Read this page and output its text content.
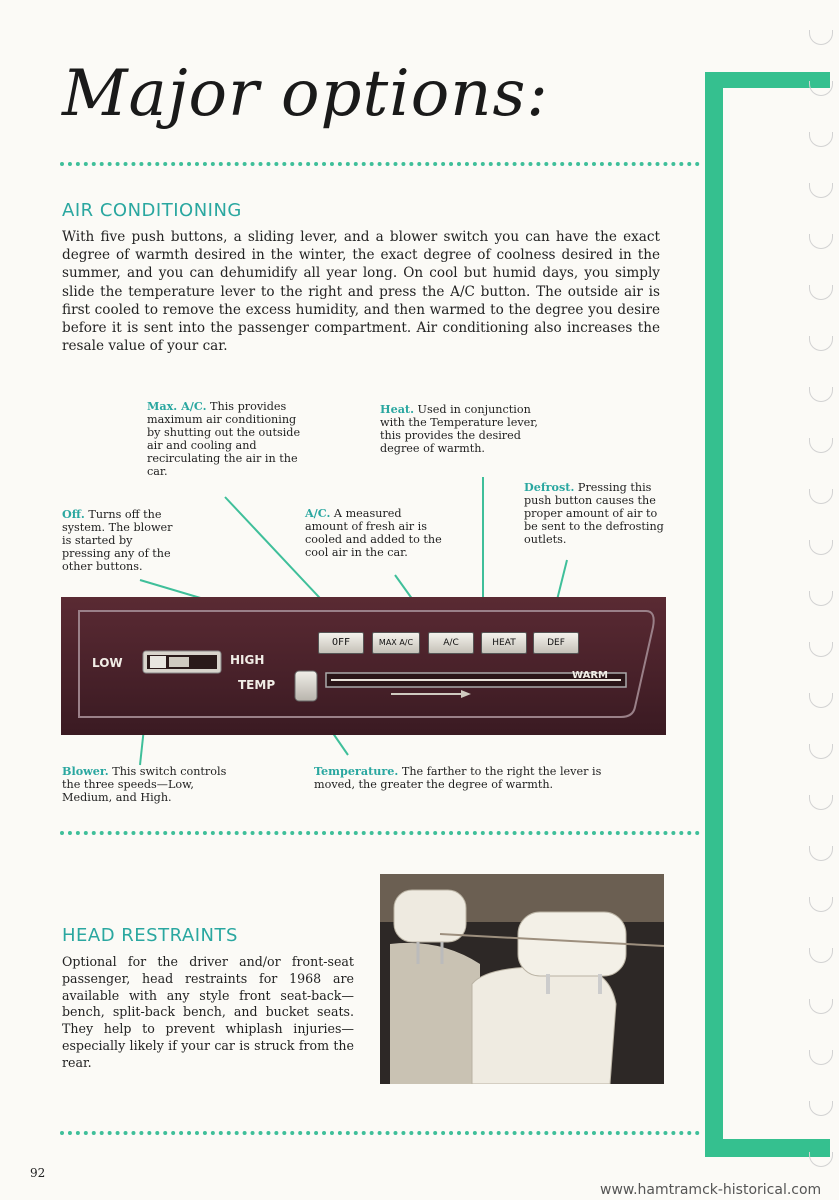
Major options:
AIR CONDITIONING

With five push buttons, a sliding lever, and a blower switch you can have the exact degree of warmth desired in the winter, the exact degree of coolness desired in the summer, and you can dehumidify all year long. On cool but humid days, you simply slide the temperature lever to the right and press the A/C button. The outside air is first cooled to remove the excess humidity, and then warmed to the degree you desire before it is sent into the passenger compartment. Air conditioning also increases the resale value of your car.

Max. A/C. This provides maximum air conditioning by shutting out the outside air and cooling and recirculating the air in the car.

Heat. Used in conjunction with the Temperature lever, this provides the desired degree of warmth.

Defrost. Pressing this push button causes the proper amount of air to be sent to the defrosting outlets.

Off. Turns off the system. The blower is started by pressing any of the other buttons.

A/C. A measured amount of fresh air is cooled and added to the cool air in the car.

Blower. This switch controls the three speeds—Low, Medium, and High.

Temperature. The farther to the right the lever is moved, the greater the degree of warmth.

OFF	MAX A/C	A/C	HEAT	DEF
LOW	HIGH
TEMP
WARM
HEAD RESTRAINTS

Optional for the driver and/or front-seat passenger, head restraints for 1968 are available with any style front seat-back—bench, split-back bench, and bucket seats. They help to prevent whiplash injuries—especially likely if your car is struck from the rear.

92

www.hamtramck-historical.com
